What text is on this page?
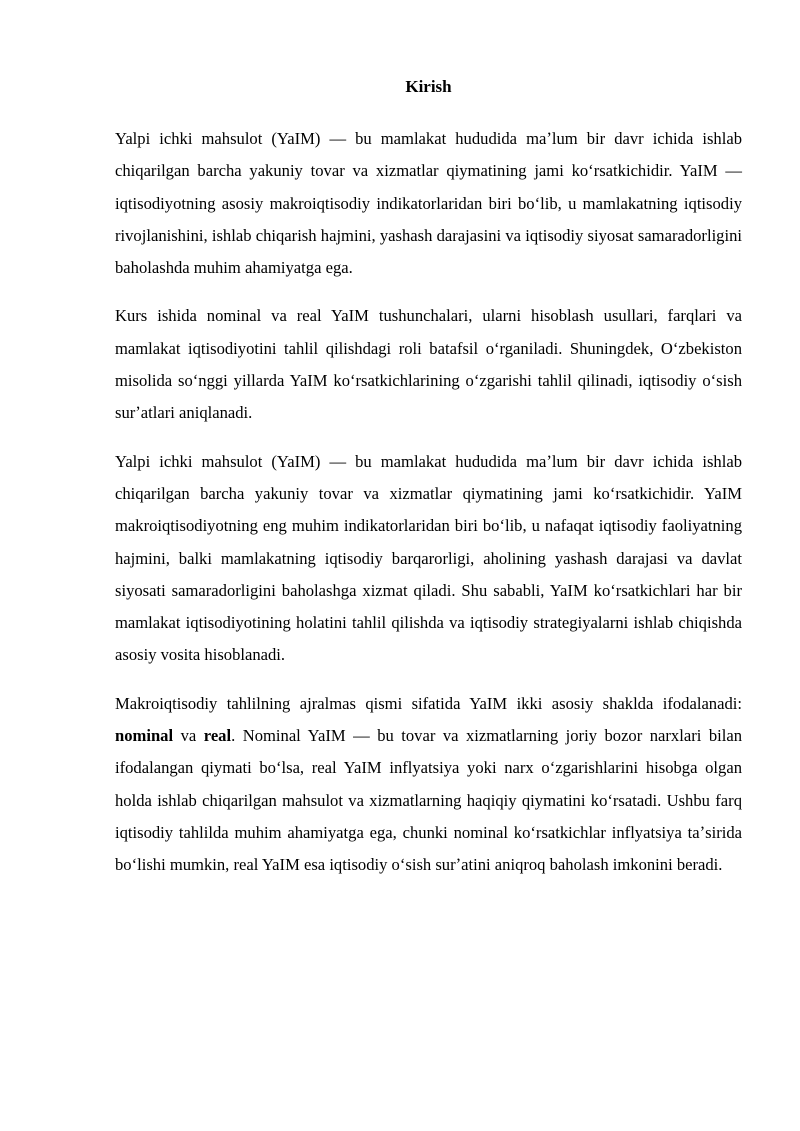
Kirish

Yalpi ichki mahsulot (YaIM) — bu mamlakat hududida maʼlum bir davr ichida ishlab chiqarilgan barcha yakuniy tovar va xizmatlar qiymatining jami koʻrsatkichidir. YaIM — iqtisodiyotning asosiy makroiqtisodiy indikatorlaridan biri boʻlib, u mamlakatning iqtisodiy rivojlanishini, ishlab chiqarish hajmini, yashash darajasini va iqtisodiy siyosat samaradorligini baholashda muhim ahamiyatga ega.

Kurs ishida nominal va real YaIM tushunchalari, ularni hisoblash usullari, farqlari va mamlakat iqtisodiyotini tahlil qilishdagi roli batafsil oʻrganiladi. Shuningdek, Oʻzbekiston misolida soʻnggi yillarda YaIM koʻrsatkichlarining oʻzgarishi tahlil qilinadi, iqtisodiy oʻsish surʼatlari aniqlanadi.

Yalpi ichki mahsulot (YaIM) — bu mamlakat hududida maʼlum bir davr ichida ishlab chiqarilgan barcha yakuniy tovar va xizmatlar qiymatining jami koʻrsatkichidir. YaIM makroiqtisodiyotning eng muhim indikatorlaridan biri boʻlib, u nafaqat iqtisodiy faoliyatning hajmini, balki mamlakatning iqtisodiy barqarorligi, aholining yashash darajasi va davlat siyosati samaradorligini baholashga xizmat qiladi. Shu sababli, YaIM koʻrsatkichlari har bir mamlakat iqtisodiyotining holatini tahlil qilishda va iqtisodiy strategiyalarni ishlab chiqishda asosiy vosita hisoblanadi.

Makroiqtisodiy tahlilning ajralmas qismi sifatida YaIM ikki asosiy shaklda ifodalanadi: nominal va real. Nominal YaIM — bu tovar va xizmatlarning joriy bozor narxlari bilan ifodalangan qiymati boʻlsa, real YaIM inflyatsiya yoki narx oʻzgarishlarini hisobga olgan holda ishlab chiqarilgan mahsulot va xizmatlarning haqiqiy qiymatini koʻrsatadi. Ushbu farq iqtisodiy tahlilda muhim ahamiyatga ega, chunki nominal koʻrsatkichlar inflyatsiya taʼsirida boʻlishi mumkin, real YaIM esa iqtisodiy oʻsish surʼatini aniqroq baholash imkonini beradi.
